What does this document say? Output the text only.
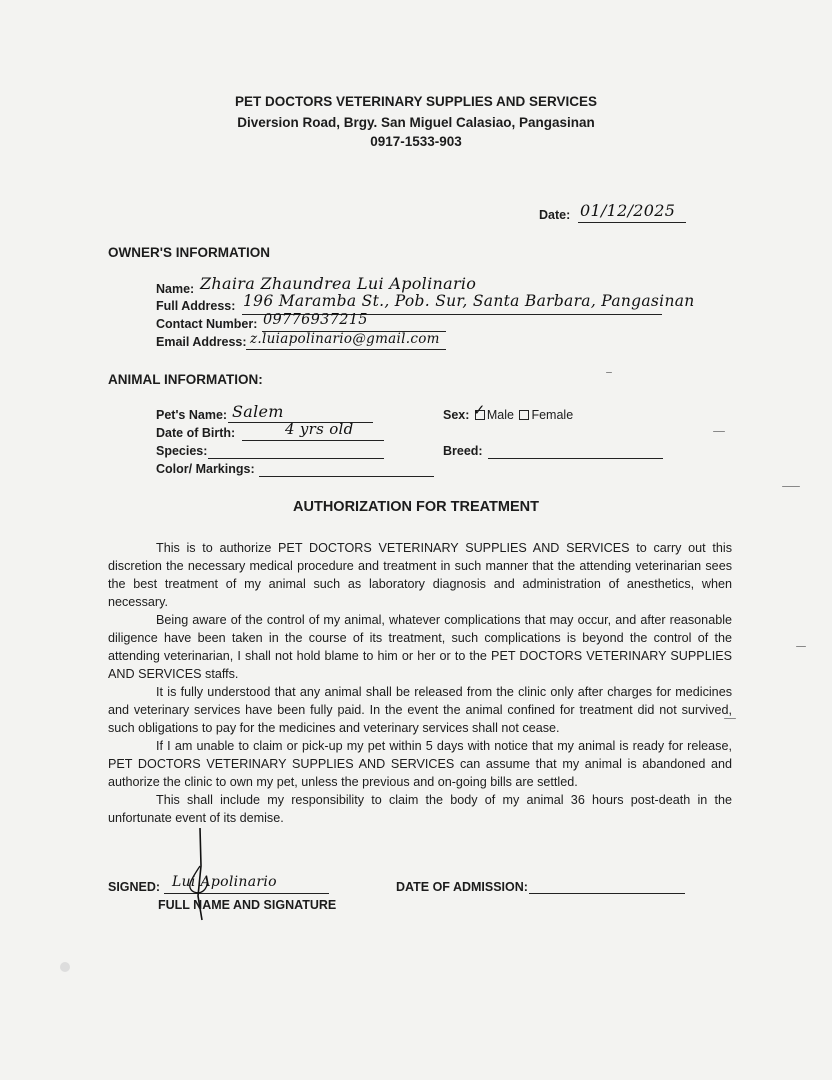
PET DOCTORS VETERINARY SUPPLIES AND SERVICES
Diversion Road, Brgy. San Miguel Calasiao, Pangasinan
0917-1533-903
Date: 01/12/2025
OWNER'S INFORMATION
Name: Zhaira Zhaundrea Lui Apolinario
Full Address: 196 Maramba St., Pob. Sur, Santa Barbara, Pangasinan
Contact Number: 09776937215
Email Address: z.luiapolinario@gmail.com
ANIMAL INFORMATION:
Pet's Name: Salem
Date of Birth:	4 yrs old
Species:
Color/ Markings:
Sex: ✓ Male Female
Breed:
AUTHORIZATION FOR TREATMENT

This is to authorize PET DOCTORS VETERINARY SUPPLIES AND SERVICES to carry out this discretion the necessary medical procedure and treatment in such manner that the attending veterinarian sees the best treatment of my animal such as laboratory diagnosis and administration of anesthetics, when necessary.

Being aware of the control of my animal, whatever complications that may occur, and after reasonable diligence have been taken in the course of its treatment, such complications is beyond the control of the attending veterinarian, I shall not hold blame to him or her or to the PET DOCTORS VETERINARY SUPPLIES AND SERVICES staffs.

It is fully understood that any animal shall be released from the clinic only after charges for medicines and veterinary services have been fully paid. In the event the animal confined for treatment did not survived, such obligations to pay for the medicines and veterinary services shall not cease.

If I am unable to claim or pick-up my pet within 5 days with notice that my animal is ready for release, PET DOCTORS VETERINARY SUPPLIES AND SERVICES can assume that my animal is abandoned and authorize the clinic to own my pet, unless the previous and on-going bills are settled.

This shall include my responsibility to claim the body of my animal 36 hours post-death in the unfortunate event of its demise.

SIGNED: Lui Apolinario
FULL NAME AND SIGNATURE
DATE OF ADMISSION:
